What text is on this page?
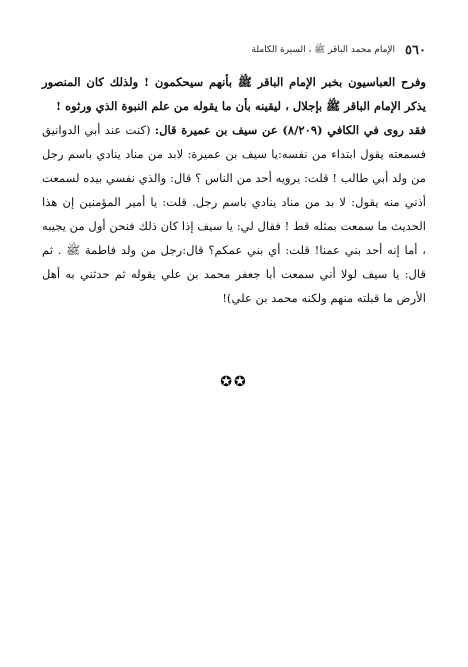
٥٦٠
الإمام محمد الباقر ﷺ ، السيرة الكاملة

وفرح العباسيون بخبر الإمام الباقر ﷺ بأنهم سيحكمون ! ولذلك كان المنصور يذكر الإمام الباقر ﷺ بإجلال ، ليقينه بأن ما يقوله من علم النبوة الذي ورثوه !

فقد روى في الكافي (٨/٢٠٩) عن سيف بن عميرة قال: (كنت عند أبي الدوانيق فسمعته يقول ابتداء من نفسه:يا سيف بن عميرة: لابد من مناد ينادي باسم رجل من ولد أبي طالب ! قلت: يرويه أحد من الناس ؟ قال: والذي نفسي بيده لسمعت أذني منه يقول: لا بد من مناد ينادي باسم رجل. قلت: يا أمير المؤمنين إن هذا الحديث ما سمعت بمثله قط ! فقال لي: يا سيف إذا كان ذلك فنحن أول من يجيبه ، أما إنه أحد بني عمنا! قلت: أي بني عمكم؟ قال:رجل من ولد فاطمة ﷺ . ثم قال: يا سيف لولا أني سمعت أبا جعفر محمد بن علي يقوله ثم حدثني به أهل الأرض ما قبلته منهم ولكنه محمد بن علي)!

✪✪
